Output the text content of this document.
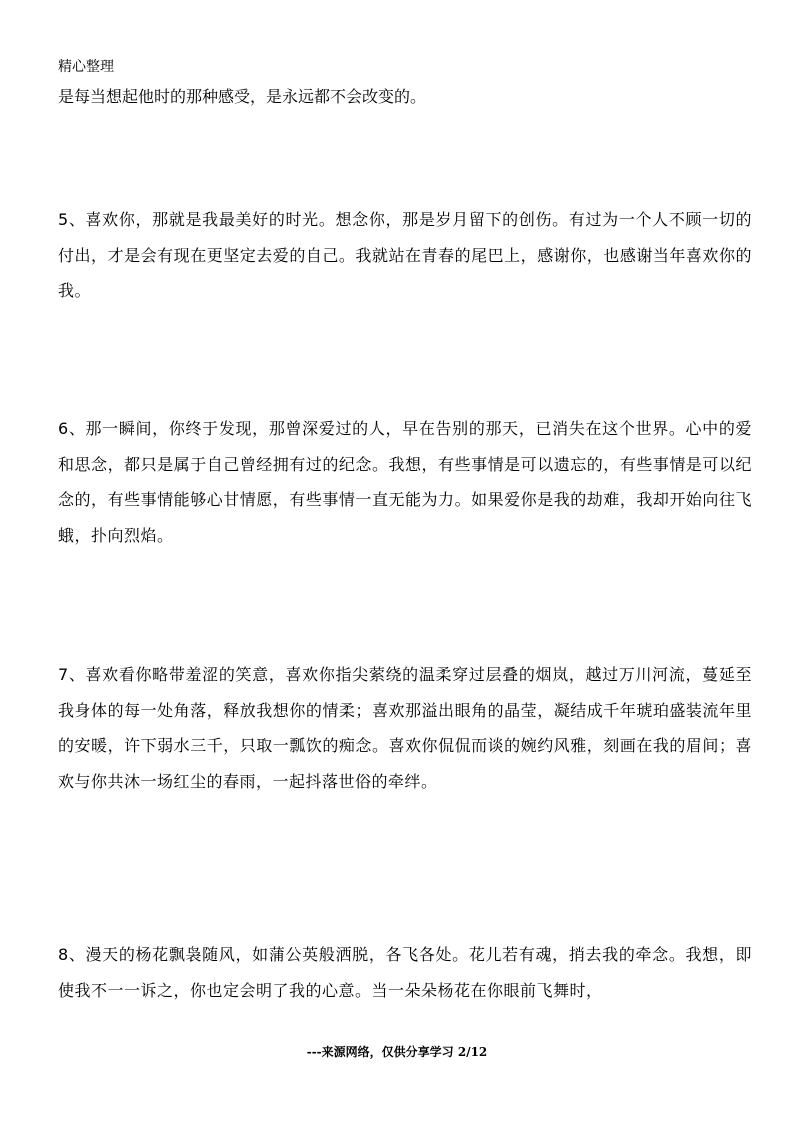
精心整理
是每当想起他时的那种感受，是永远都不会改变的。
5、喜欢你，那就是我最美好的时光。想念你，那是岁月留下的创伤。有过为一个人不顾一切的付出，才是会有现在更坚定去爱的自己。我就站在青春的尾巴上，感谢你，也感谢当年喜欢你的我。
6、那一瞬间，你终于发现，那曾深爱过的人，早在告别的那天，已消失在这个世界。心中的爱和思念，都只是属于自己曾经拥有过的纪念。我想，有些事情是可以遗忘的，有些事情是可以纪念的，有些事情能够心甘情愿，有些事情一直无能为力。如果爱你是我的劫难，我却开始向往飞蛾，扑向烈焰。
7、喜欢看你略带羞涩的笑意，喜欢你指尖萦绕的温柔穿过层叠的烟岚，越过万川河流，蔓延至我身体的每一处角落，释放我想你的情柔；喜欢那溢出眼角的晶莹，凝结成千年琥珀盛装流年里的安暖，许下弱水三千，只取一瓢饮的痴念。喜欢你侃侃而谈的婉约风雅，刻画在我的眉间；喜欢与你共沐一场红尘的春雨，一起抖落世俗的牵绊。
8、漫天的杨花飘袅随风，如蒲公英般洒脱，各飞各处。花儿若有魂，捎去我的牵念。我想，即使我不一一诉之，你也定会明了我的心意。当一朵朵杨花在你眼前飞舞时，
---来源网络，仅供分享学习 2/12
